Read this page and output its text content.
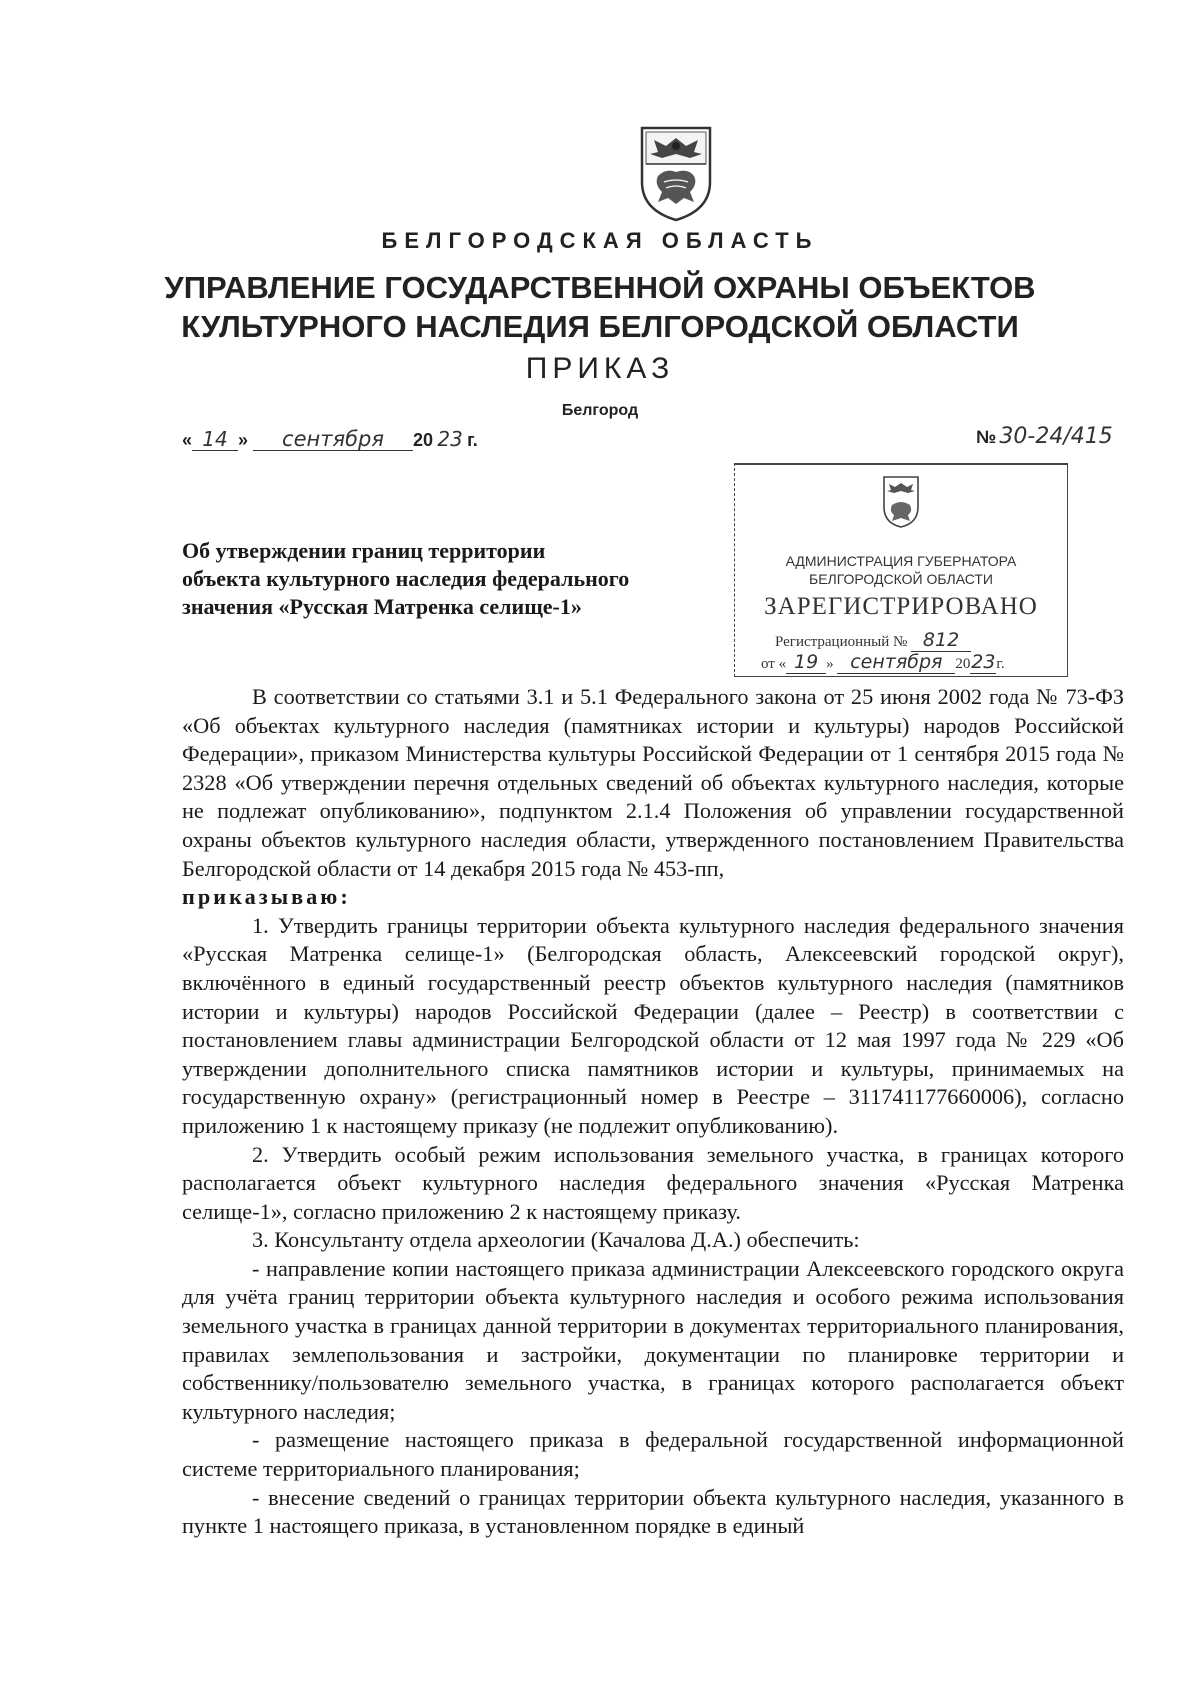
БЕЛГОРОДСКАЯ ОБЛАСТЬ
УПРАВЛЕНИЕ ГОСУДАРСТВЕННОЙ ОХРАНЫ ОБЪЕКТОВ
КУЛЬТУРНОГО НАСЛЕДИЯ БЕЛГОРОДСКОЙ ОБЛАСТИ
ПРИКАЗ
Белгород
« 14 » сентября 20 23 г.	№ 30-24/415
АДМИНИСТРАЦИЯ ГУБЕРНАТОРА
БЕЛГОРОДСКОЙ ОБЛАСТИ
ЗАРЕГИСТРИРОВАНО
Регистрационный № 812
от « 19 » сентября 2023г.
Об утверждении границ территории
объекта культурного наследия федерального
значения «Русская Матренка селище-1»

В соответствии со статьями 3.1 и 5.1 Федерального закона от 25 июня 2002 года № 73-ФЗ «Об объектах культурного наследия (памятниках истории и культуры) народов Российской Федерации», приказом Министерства культуры Российской Федерации от 1 сентября 2015 года № 2328 «Об утверждении перечня отдельных сведений об объектах культурного наследия, которые не подлежат опубликованию», подпунктом 2.1.4 Положения об управлении государственной охраны объектов культурного наследия области, утвержденного постановлением Правительства Белгородской области от 14 декабря 2015 года № 453-пп,

приказываю:

1. Утвердить границы территории объекта культурного наследия федерального значения «Русская Матренка селище-1» (Белгородская область, Алексеевский городской округ), включённого в единый государственный реестр объектов культурного наследия (памятников истории и культуры) народов Российской Федерации (далее – Реестр) в соответствии с постановлением главы администрации Белгородской области от 12 мая 1997 года № 229 «Об утверждении дополнительного списка памятников истории и культуры, принимаемых на государственную охрану» (регистрационный номер в Реестре – 311741177660006), согласно приложению 1 к настоящему приказу (не подлежит опубликованию).

2. Утвердить особый режим использования земельного участка, в границах которого располагается объект культурного наследия федерального значения «Русская Матренка селище-1», согласно приложению 2 к настоящему приказу.

3. Консультанту отдела археологии (Качалова Д.А.) обеспечить:

- направление копии настоящего приказа администрации Алексеевского городского округа для учёта границ территории объекта культурного наследия и особого режима использования земельного участка в границах данной территории в документах территориального планирования, правилах землепользования и застройки, документации по планировке территории и собственнику/пользователю земельного участка, в границах которого располагается объект культурного наследия;

- размещение настоящего приказа в федеральной государственной информационной системе территориального планирования;

- внесение сведений о границах территории объекта культурного наследия, указанного в пункте 1 настоящего приказа, в установленном порядке в единый
